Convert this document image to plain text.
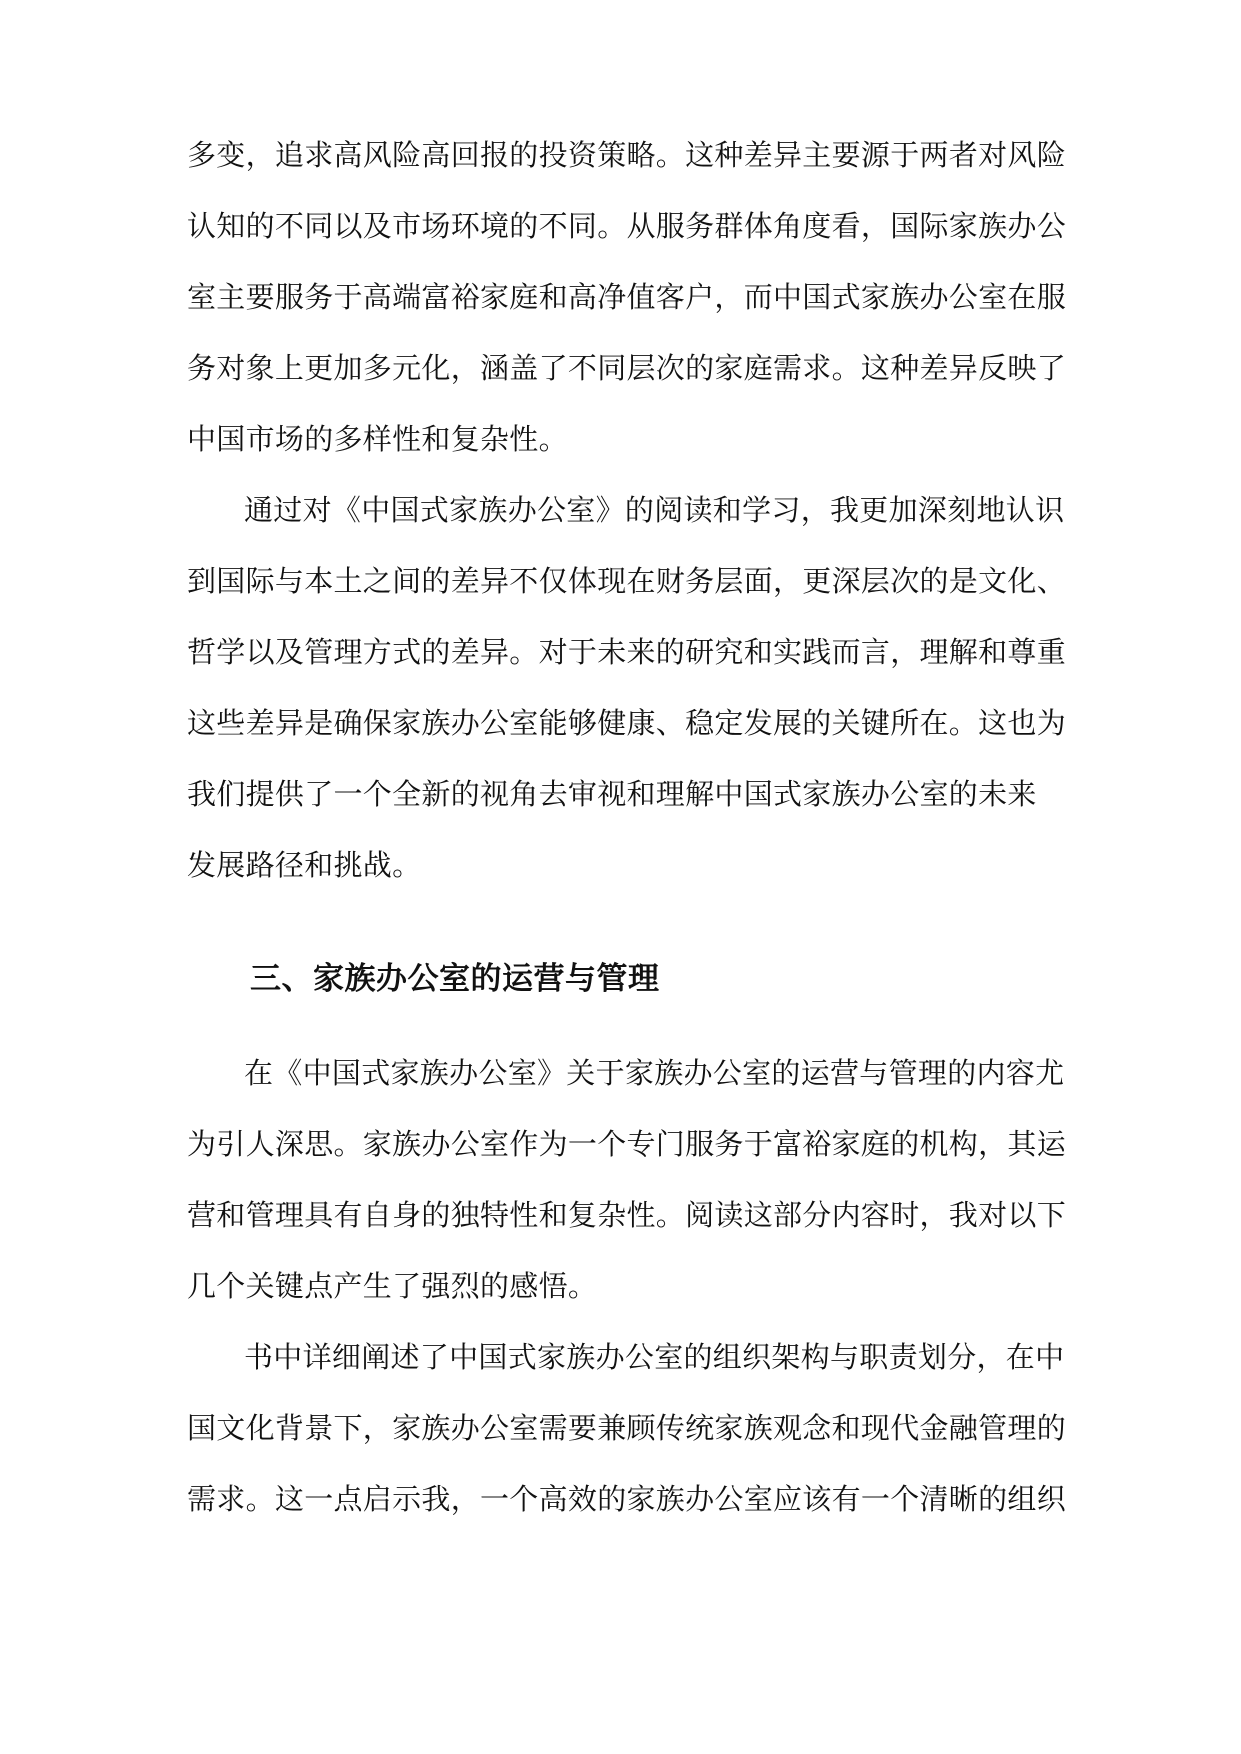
多变，追求高风险高回报的投资策略。这种差异主要源于两者对风险
认知的不同以及市场环境的不同。从服务群体角度看，国际家族办公
室主要服务于高端富裕家庭和高净值客户，而中国式家族办公室在服
务对象上更加多元化，涵盖了不同层次的家庭需求。这种差异反映了
中国市场的多样性和复杂性。
通过对《中国式家族办公室》的阅读和学习，我更加深刻地认识
到国际与本土之间的差异不仅体现在财务层面，更深层次的是文化、
哲学以及管理方式的差异。对于未来的研究和实践而言，理解和尊重
这些差异是确保家族办公室能够健康、稳定发展的关键所在。这也为
我们提供了一个全新的视角去审视和理解中国式家族办公室的未来
发展路径和挑战。
三、家族办公室的运营与管理
在《中国式家族办公室》关于家族办公室的运营与管理的内容尤
为引人深思。家族办公室作为一个专门服务于富裕家庭的机构，其运
营和管理具有自身的独特性和复杂性。阅读这部分内容时，我对以下
几个关键点产生了强烈的感悟。
书中详细阐述了中国式家族办公室的组织架构与职责划分，在中
国文化背景下，家族办公室需要兼顾传统家族观念和现代金融管理的
需求。这一点启示我，一个高效的家族办公室应该有一个清晰的组织
